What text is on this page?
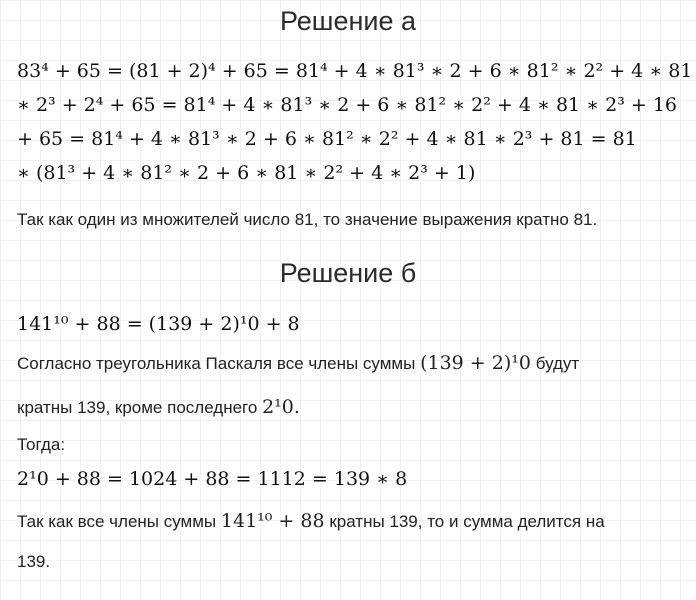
Решение а
83⁴ + 65 = (81 + 2)⁴ + 65 = 81⁴ + 4 ∗ 81³ ∗ 2 + 6 ∗ 81² ∗ 2² + 4 ∗ 81
∗ 2³ + 2⁴ + 65 = 81⁴ + 4 ∗ 81³ ∗ 2 + 6 ∗ 81² ∗ 2² + 4 ∗ 81 ∗ 2³ + 16
+ 65 = 81⁴ + 4 ∗ 81³ ∗ 2 + 6 ∗ 81² ∗ 2² + 4 ∗ 81 ∗ 2³ + 81 = 81
∗ (81³ + 4 ∗ 81² ∗ 2 + 6 ∗ 81 ∗ 2² + 4 ∗ 2³ + 1)
Так как один из множителей число 81, то значение выражения кратно 81.
Решение б
141¹⁰ + 88 = (139 + 2)¹0 + 8
Согласно треугольника Паскаля все члены суммы (139 + 2)¹0 будут
кратны 139, кроме последнего 2¹0.
Тогда:
2¹0 + 88 = 1024 + 88 = 1112 = 139 ∗ 8
Так как все члены суммы 141¹⁰ + 88 кратны 139, то и сумма делится на
139.
